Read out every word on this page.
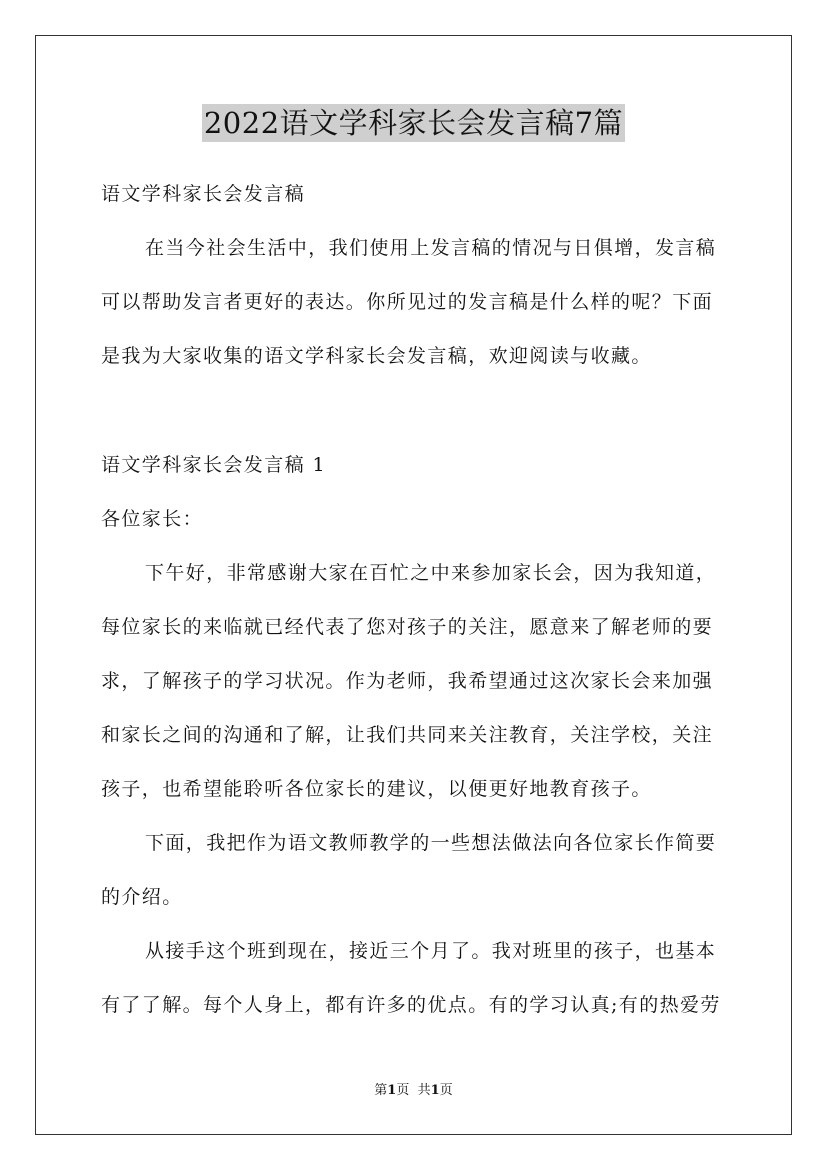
2022语文学科家长会发言稿7篇
语文学科家长会发言稿
在当今社会生活中，我们使用上发言稿的情况与日俱增，发言稿
可以帮助发言者更好的表达。你所见过的发言稿是什么样的呢？下面
是我为大家收集的语文学科家长会发言稿，欢迎阅读与收藏。
语文学科家长会发言稿 1
各位家长：
下午好，非常感谢大家在百忙之中来参加家长会，因为我知道，
每位家长的来临就已经代表了您对孩子的关注，愿意来了解老师的要
求，了解孩子的学习状况。作为老师，我希望通过这次家长会来加强
和家长之间的沟通和了解，让我们共同来关注教育，关注学校，关注
孩子，也希望能聆听各位家长的建议，以便更好地教育孩子。
下面，我把作为语文教师教学的一些想法做法向各位家长作简要
的介绍。
从接手这个班到现在，接近三个月了。我对班里的孩子，也基本
有了了解。每个人身上，都有许多的优点。有的学习认真;有的热爱劳
第1页 共1页
